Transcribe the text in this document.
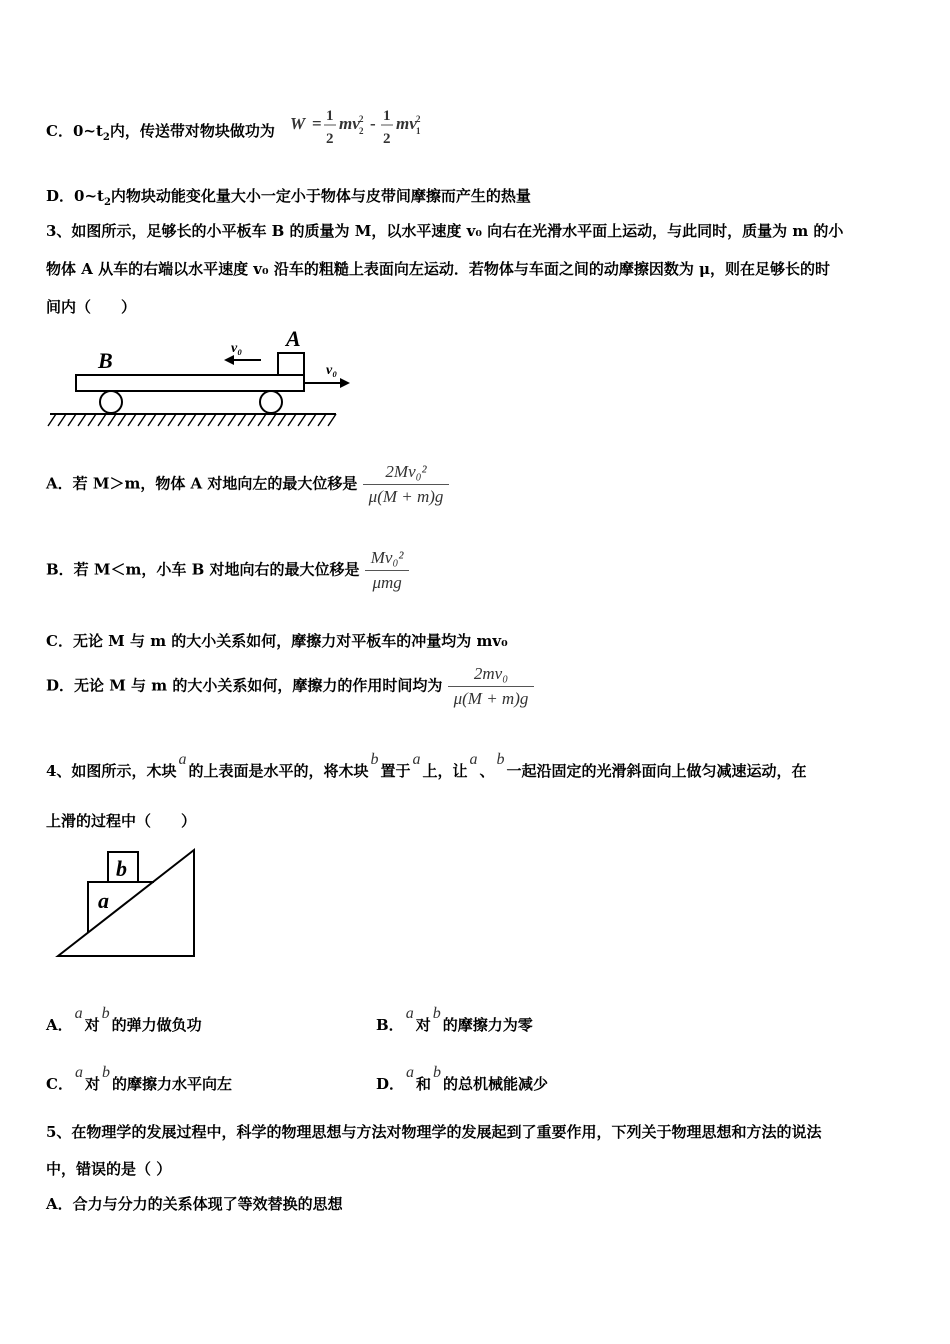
C．$0\sim t_2$内，传送带对物块做功为 W = 1
2
mv 2
2 - 1
2
mv 2
1
D．$0\sim t_2$内物块动能变化量大小一定小于物体与皮带间摩擦而产生的热量
3、如图所示，足够长的小平板车 B 的质量为 M，以水平速度 v₀ 向右在光滑水平面上运动，与此同时，质量为 m 的小
物体 A 从车的右端以水平速度 v₀ 沿车的粗糙上表面向左运动．若物体与车面之间的动摩擦因数为 μ，则在足够长的时
间内（　　）
B
A
v₀
v₀
A．若 M＞m，物体 A 对地向左的最大位移是 $\frac{\text{2Mv₀²}}{\mu(M + m)g}$
B．若 M＜m，小车 B 对地向右的最大位移是 $\frac{\text{Mv₀²}}{\text{μmg}}$
C．无论 M 与 m 的大小关系如何，摩擦力对平板车的冲量均为 mv₀
D．无论 M 与 m 的大小关系如何，摩擦力的作用时间均为 $\frac{\text{2mv₀}}{\mu(M + m)g}$
4、如图所示，木块a的上表面是水平的，将木块b置于a上，让a、b一起沿固定的光滑斜面向上做匀减速运动，在
上滑的过程中（　　）
b
a
A．a对b的弹力做负功	B．a对b的摩擦力为零
C．a对b的摩擦力水平向左	D．a和b的总机械能减少
5、在物理学的发展过程中，科学的物理思想与方法对物理学的发展起到了重要作用，下列关于物理思想和方法的说法
中，错误的是（ ）
A．合力与分力的关系体现了等效替换的思想
